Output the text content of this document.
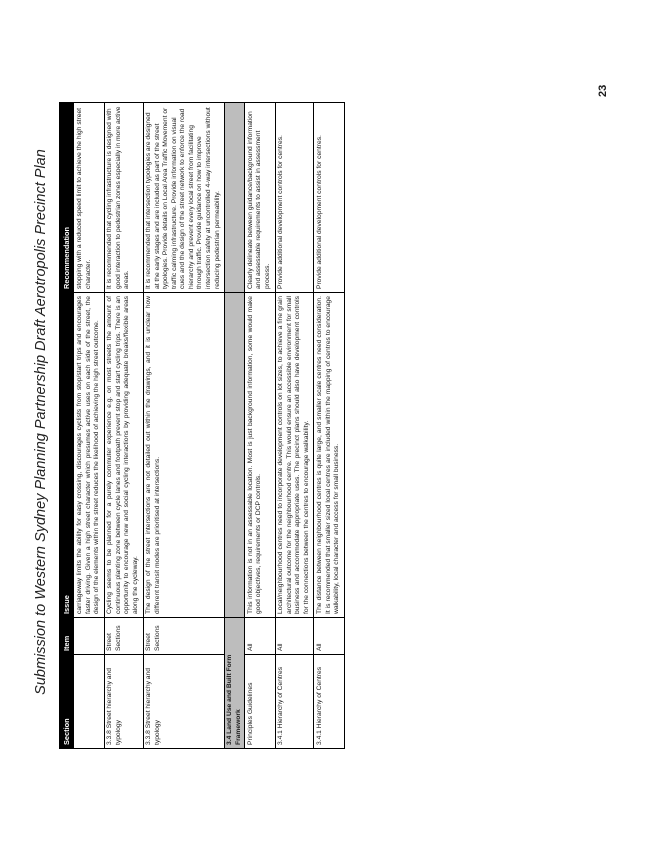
Submission to Western Sydney Planning Partnership Draft Aerotropolis Precinct Plan
Section	Item	Issue	Recommendation
		carriageway limits the ability for easy crossing, discourages cyclists from stop/start trips and encourages faster driving. Given a high street character which presumes active uses on each side of the street, the design of the elements within the street reduces the likelihood of achieving the high street outcome.	stopping with a reduced speed limit to achieve the high street character.
3.3.8 Street hierarchy and typology	Street Sections	Cycling seems to be planned for a purely commuter experience e.g. on most streets the amount of continuous planting zone between cycle lanes and footpath prevent stop and start cycling trips. There is an opportunity to encourage new and social cycling interactions by providing adequate breaks/flexible areas along the cycleway.	It is recommended that cycling infrastructure is designed with good interaction to pedestrian zones especially in more active areas.
3.3.8 Street hierarchy and typology	Street Sections	The design of the street intersections are not detailed out within the drawings, and it is unclear how different transit modes are prioritised at intersections.	It is recommended that intersection typologies are designed at the early stages and are included as part of the street typologies. Provide details on Local Area Traffic Movement or traffic calming infrastructure. Provide information on visual cues and the design of the street network to enforce the road hierarchy and prevent every local street from facilitating through traffic. Provide guidance on how to improve intersection safety at uncontrolled 4-way intersections without reducing pedestrian permeability.
3.4 Land Use and Built Form Framework			
Principles Guidelines	All	This information is not in an assessable location. Most is just background information, some would make good objectives, requirements or DCP controls.	Clearly delineate between guidance/background information and assessable requirements to assist in assessment process.
3.4.1 Hierarchy of Centres	All	Local/neighbourhood centres need to incorporate development controls on lot sizes, to achieve a fine grain architectural outcome for the neighbourhood centre. This would ensure an accessible environment for small business and accommodate appropriate uses. The precinct plans should also have development controls for the connections between the centres to encourage walkability.	Provide additional development controls for centres.
3.4.1 Hierarchy of Centres	All	The distance between neighbourhood centres is quite large, and smaller scale centres need consideration. It is recommended that smaller sized local centres are included within the mapping of centres to encourage walkability, local character and access for small business.	Provide additional development controls for centres.
23
